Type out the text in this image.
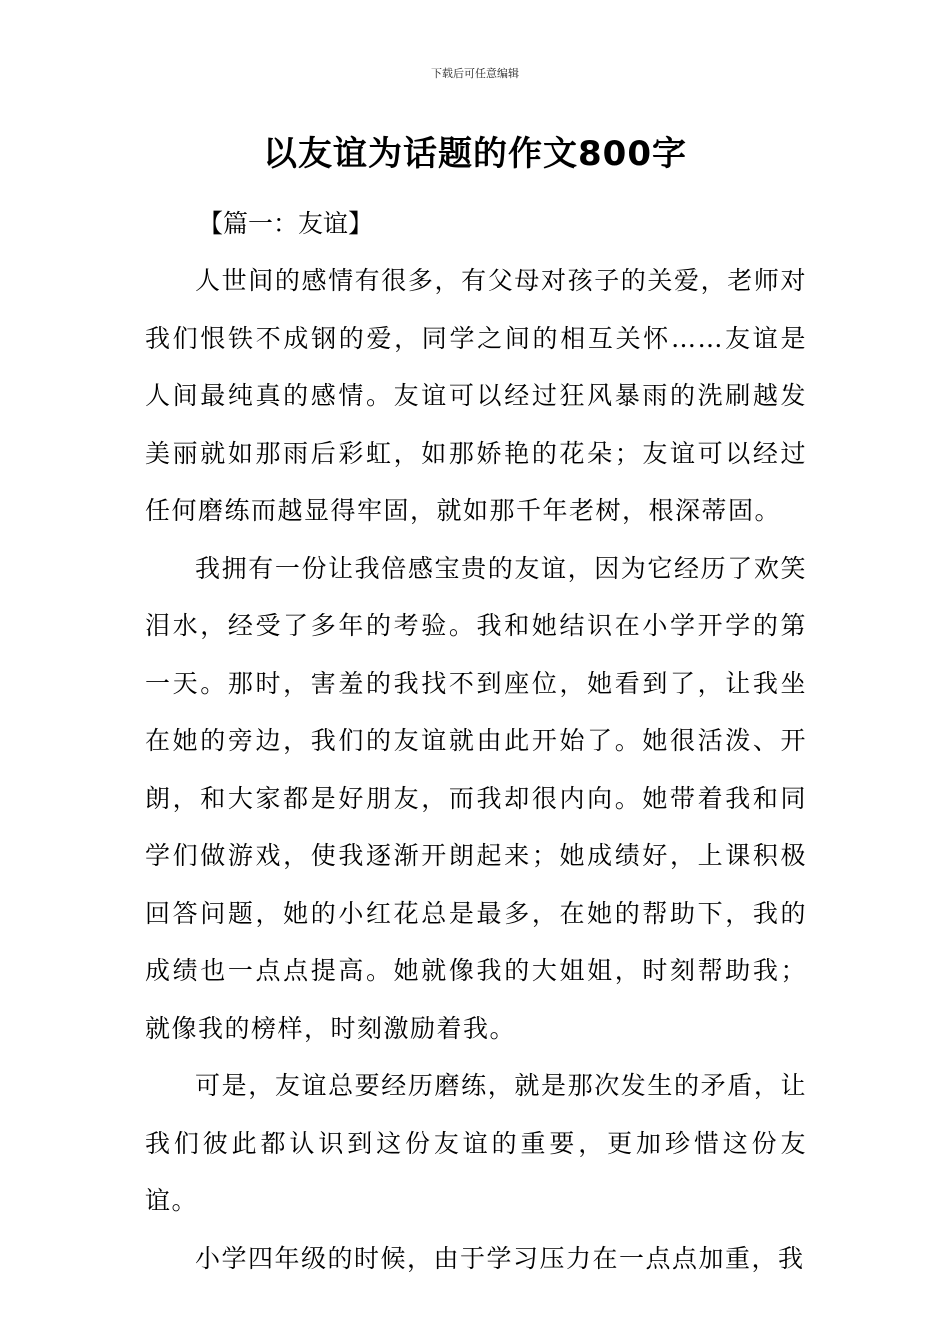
下载后可任意编辑
以友谊为话题的作文800字
【篇一：友谊】

人世间的感情有很多，有父母对孩子的关爱，老师对我们恨铁不成钢的爱，同学之间的相互关怀……友谊是人间最纯真的感情。友谊可以经过狂风暴雨的洗刷越发美丽就如那雨后彩虹，如那娇艳的花朵；友谊可以经过任何磨练而越显得牢固，就如那千年老树，根深蒂固。

我拥有一份让我倍感宝贵的友谊，因为它经历了欢笑泪水，经受了多年的考验。我和她结识在小学开学的第一天。那时，害羞的我找不到座位，她看到了，让我坐在她的旁边，我们的友谊就由此开始了。她很活泼、开朗，和大家都是好朋友，而我却很内向。她带着我和同学们做游戏，使我逐渐开朗起来；她成绩好，上课积极回答问题，她的小红花总是最多，在她的帮助下，我的成绩也一点点提高。她就像我的大姐姐，时刻帮助我；就像我的榜样，时刻激励着我。

可是，友谊总要经历磨练，就是那次发生的矛盾，让我们彼此都认识到这份友谊的重要，更加珍惜这份友谊。

小学四年级的时候，由于学习压力在一点点加重，我
